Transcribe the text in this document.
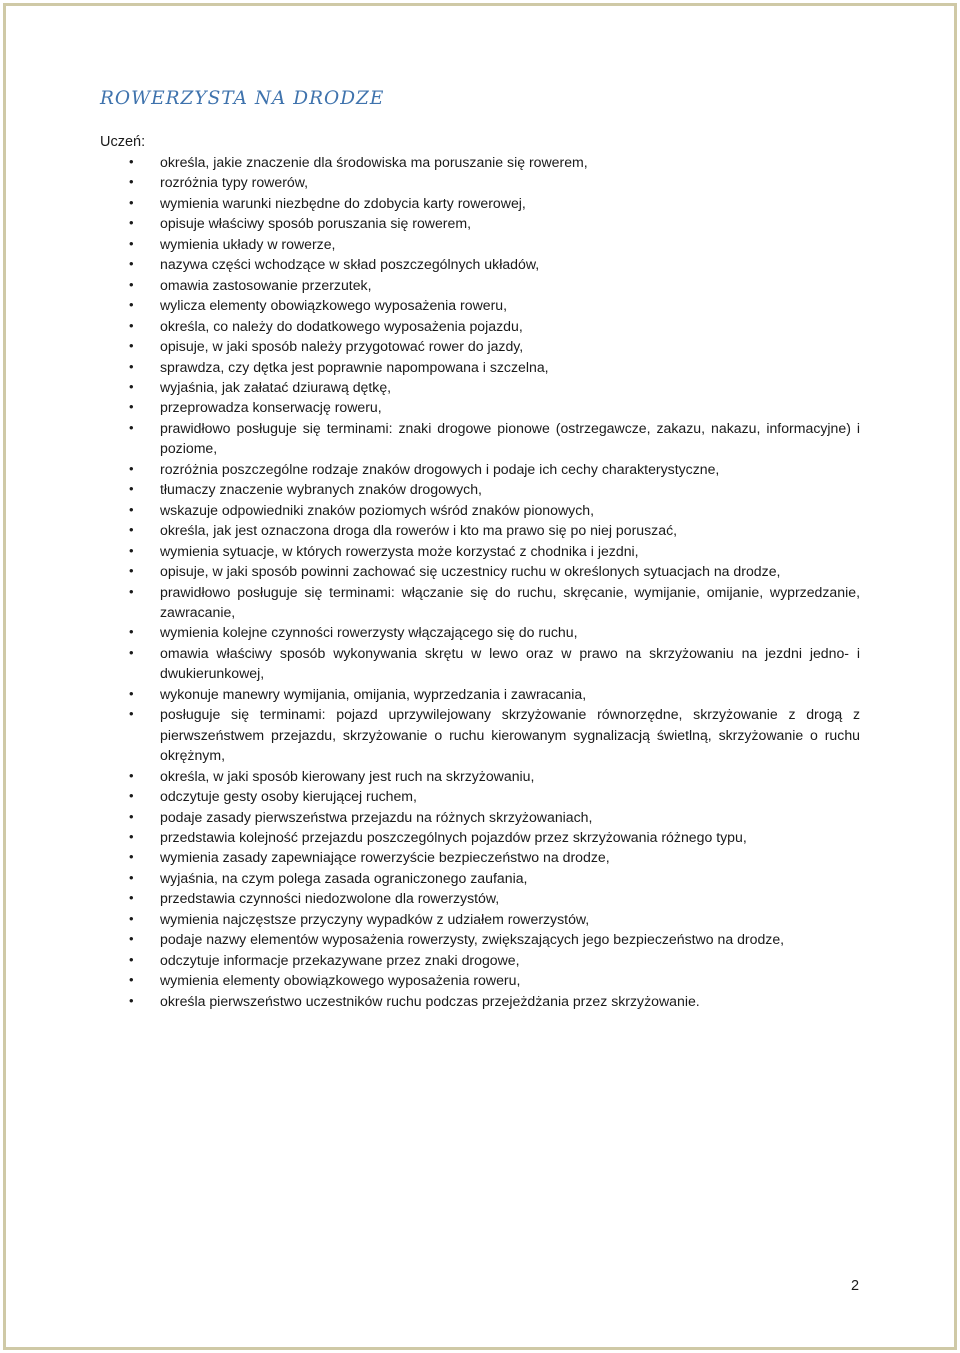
ROWERZYSTA NA DRODZE
Uczeń:
• określa, jakie znaczenie dla środowiska ma poruszanie się rowerem,
• rozróżnia typy rowerów,
• wymienia warunki niezbędne do zdobycia karty rowerowej,
• opisuje właściwy sposób poruszania się rowerem,
• wymienia układy w rowerze,
• nazywa części wchodzące w skład poszczególnych układów,
• omawia zastosowanie przerzutek,
• wylicza elementy obowiązkowego wyposażenia roweru,
• określa, co należy do dodatkowego wyposażenia pojazdu,
• opisuje, w jaki sposób należy przygotować rower do jazdy,
• sprawdza, czy dętka jest poprawnie napompowana i szczelna,
• wyjaśnia, jak załatać dziurawą dętkę,
• przeprowadza konserwację roweru,
• prawidłowo posługuje się terminami: znaki drogowe pionowe (ostrzegawcze, zakazu, nakazu, informacyjne) i poziome,
• rozróżnia poszczególne rodzaje znaków drogowych i podaje ich cechy charakterystyczne,
• tłumaczy znaczenie wybranych znaków drogowych,
• wskazuje odpowiedniki znaków poziomych wśród znaków pionowych,
• określa, jak jest oznaczona droga dla rowerów i kto ma prawo się po niej poruszać,
• wymienia sytuacje, w których rowerzysta może korzystać z chodnika i jezdni,
• opisuje, w jaki sposób powinni zachować się uczestnicy ruchu w określonych sytuacjach na drodze,
• prawidłowo posługuje się terminami: włączanie się do ruchu, skręcanie, wymijanie, omijanie, wyprzedzanie, zawracanie,
• wymienia kolejne czynności rowerzysty włączającego się do ruchu,
• omawia właściwy sposób wykonywania skrętu w lewo oraz w prawo na skrzyżowaniu na jezdni jedno- i dwukierunkowej,
• wykonuje manewry wymijania, omijania, wyprzedzania i zawracania,
• posługuje się terminami: pojazd uprzywilejowany skrzyżowanie równorzędne, skrzyżowanie z drogą z pierwszeństwem przejazdu, skrzyżowanie o ruchu kierowanym sygnalizacją świetlną, skrzyżowanie o ruchu okrężnym,
• określa, w jaki sposób kierowany jest ruch na skrzyżowaniu,
• odczytuje gesty osoby kierującej ruchem,
• podaje zasady pierwszeństwa przejazdu na różnych skrzyżowaniach,
• przedstawia kolejność przejazdu poszczególnych pojazdów przez skrzyżowania różnego typu,
• wymienia zasady zapewniające rowerzyście bezpieczeństwo na drodze,
• wyjaśnia, na czym polega zasada ograniczonego zaufania,
• przedstawia czynności niedozwolone dla rowerzystów,
• wymienia najczęstsze przyczyny wypadków z udziałem rowerzystów,
• podaje nazwy elementów wyposażenia rowerzysty, zwiększających jego bezpieczeństwo na drodze,
• odczytuje informacje przekazywane przez znaki drogowe,
• wymienia elementy obowiązkowego wyposażenia roweru,
• określa pierwszeństwo uczestników ruchu podczas przejeżdżania przez skrzyżowanie.
2
